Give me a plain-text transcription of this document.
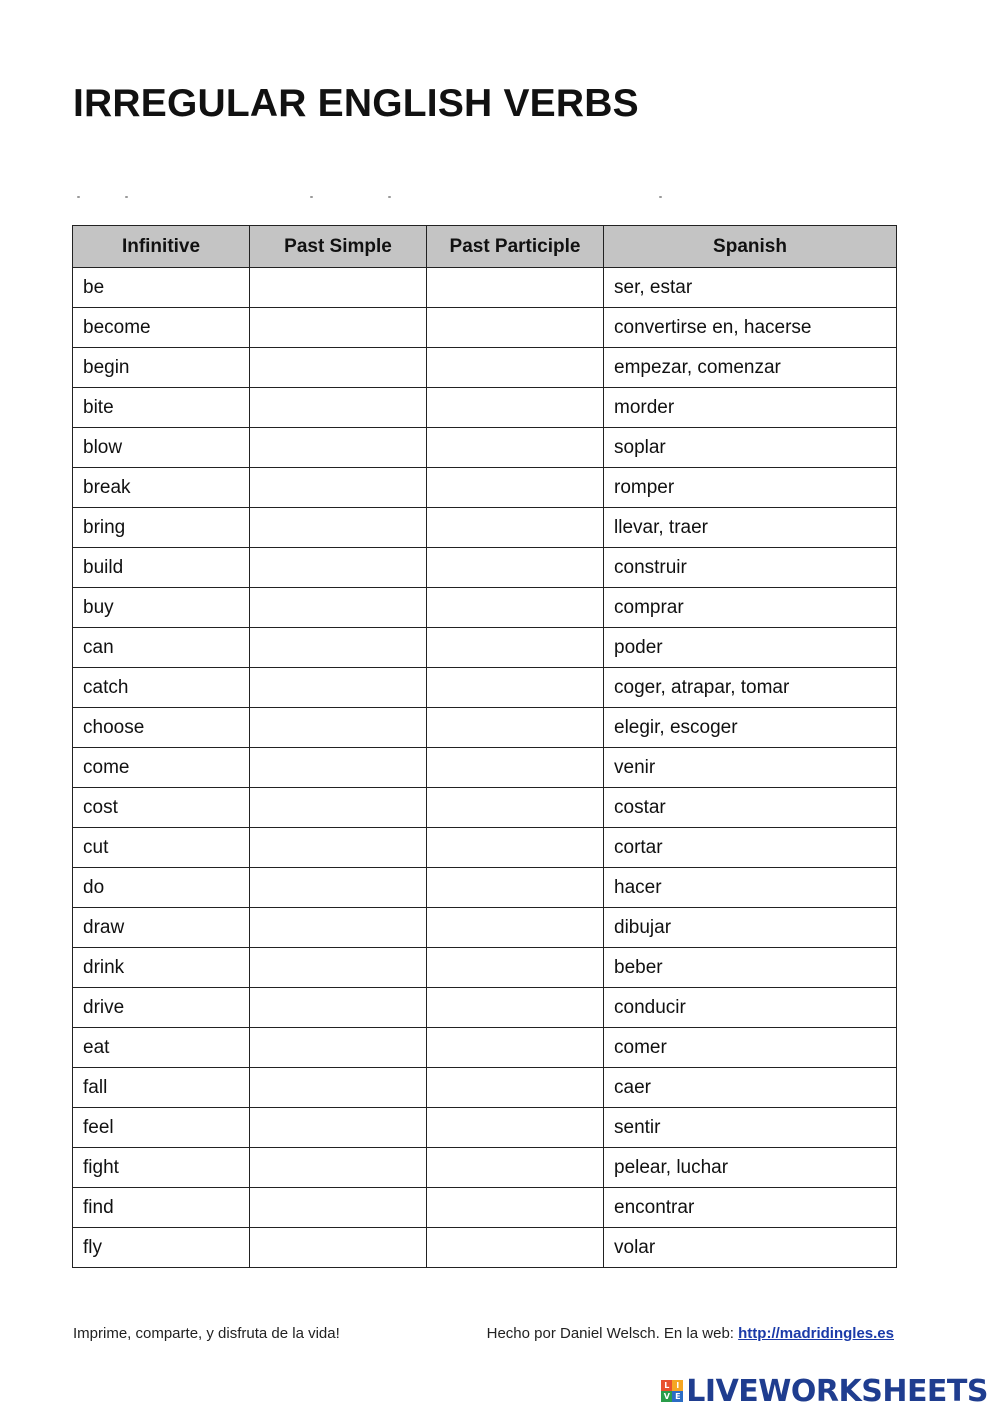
IRREGULAR ENGLISH VERBS
Infinitive	Past Simple	Past Participle	Spanish
be			ser, estar
become			convertirse en, hacerse
begin			empezar, comenzar
bite			morder
blow			soplar
break			romper
bring			llevar, traer
build			construir
buy			comprar
can			poder
catch			coger, atrapar, tomar
choose			elegir, escoger
come			venir
cost			costar
cut			cortar
do			hacer
draw			dibujar
drink			beber
drive			conducir
eat			comer
fall			caer
feel			sentir
fight			pelear, luchar
find			encontrar
fly			volar
Imprime, comparte, y disfruta de la vida!	Hecho por Daniel Welsch. En la web: http://madridingles.es
L I
V E LIVEWORKSHEETS
